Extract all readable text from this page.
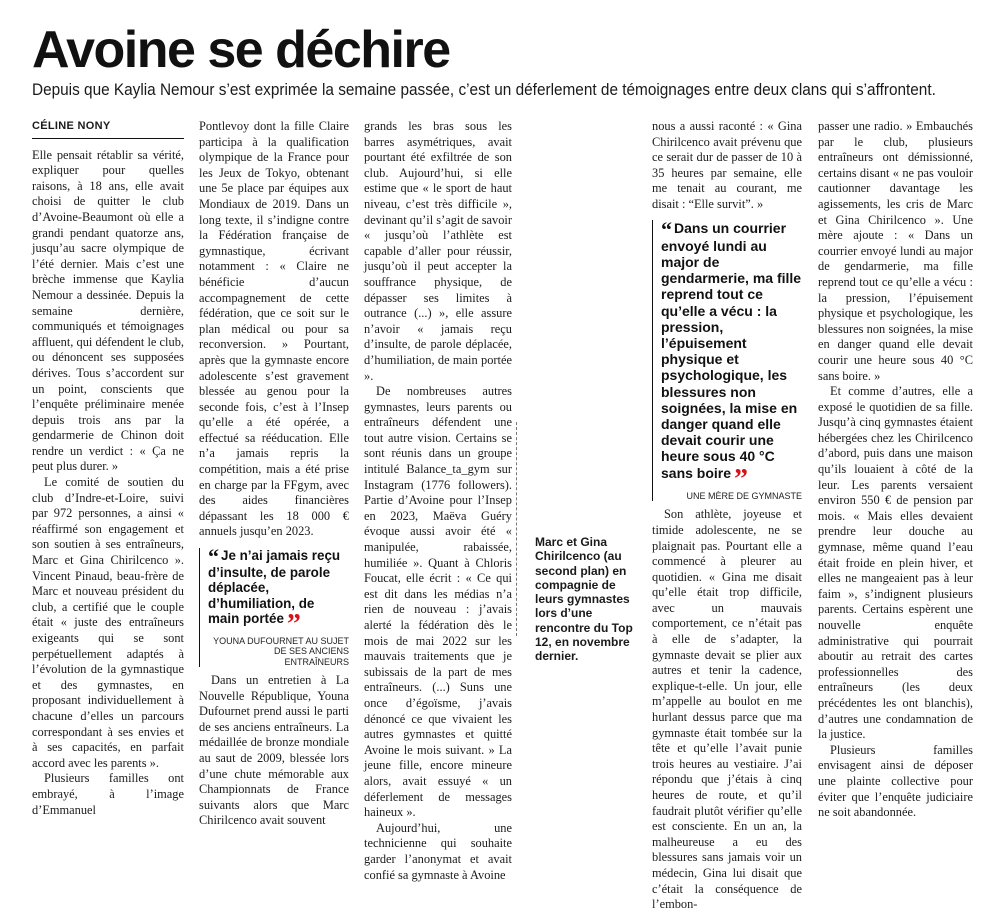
Avoine se déchire

Depuis que Kaylia Nemour s’est exprimée la semaine passée, c’est un déferlement de témoignages entre deux clans qui s’affrontent.

CÉLINE NONY

Elle pensait rétablir sa vérité, expliquer pour quelles raisons, à 18 ans, elle avait choisi de quitter le club d’Avoine-Beaumont où elle a grandi pendant quatorze ans, jusqu’au sacre olympique de l’été dernier. Mais c’est une brèche immense que Kaylia Nemour a dessinée. Depuis la semaine dernière, communiqués et témoignages affluent, qui défendent le club, ou dénoncent ses supposées dérives. Tous s’accordent sur un point, conscients que l’enquête préliminaire menée depuis trois ans par la gendarmerie de Chinon doit rendre un verdict : « Ça ne peut plus durer. »

Le comité de soutien du club d’Indre-et-Loire, suivi par 972 personnes, a ainsi « réaffirmé son engagement et son soutien à ses entraîneurs, Marc et Gina Chirilcenco ». Vincent Pinaud, beau-frère de Marc et nouveau président du club, a certifié que le couple était « juste des entraîneurs exigeants qui se sont perpétuellement adaptés à l’évolution de la gymnastique et des gymnastes, en proposant individuellement à chacune d’elles un parcours correspondant à ses envies et à ses capacités, en parfait accord avec les parents ».

Plusieurs familles ont embrayé, à l’image d’Emmanuel

Pontlevoy dont la fille Claire participa à la qualification olympique de la France pour les Jeux de Tokyo, obtenant une 5e place par équipes aux Mondiaux de 2019. Dans un long texte, il s’indigne contre la Fédération française de gymnastique, écrivant notamment : « Claire ne bénéficie d’aucun accompagnement de cette fédération, que ce soit sur le plan médical ou pour sa reconversion. » Pourtant, après que la gymnaste encore adolescente s’est gravement blessée au genou pour la seconde fois, c’est à l’Insep qu’elle a été opérée, a effectué sa rééducation. Elle n’a jamais repris la compétition, mais a été prise en charge par la FFgym, avec des aides financières dépassant les 18 000 € annuels jusqu’en 2023.

“ Je n’ai jamais reçu d’insulte, de parole déplacée, d’humiliation, de main portée ”
YOUNA DUFOURNET AU SUJET DE SES ANCIENS ENTRAÎNEURS

Dans un entretien à La Nouvelle République, Youna Dufournet prend aussi le parti de ses anciens entraîneurs. La médaillée de bronze mondiale au saut de 2009, blessée lors d’une chute mémorable aux Championnats de France suivants alors que Marc Chirilcenco avait souvent

grands les bras sous les barres asymétriques, avait pourtant été exfiltrée de son club. Aujourd’hui, si elle estime que « le sport de haut niveau, c’est très difficile », devinant qu’il s’agit de savoir « jusqu’où l’athlète est capable d’aller pour réussir, jusqu’où il peut accepter la souffrance physique, de dépasser ses limites à outrance (...) », elle assure n’avoir « jamais reçu d’insulte, de parole déplacée, d’humiliation, de main portée ».

De nombreuses autres gymnastes, leurs parents ou entraîneurs défendent une tout autre vision. Certains se sont réunis dans un groupe intitulé Balance_ta_gym sur Instagram (1776 followers). Partie d’Avoine pour l’Insep en 2023, Maëva Guéry évoque aussi avoir été « manipulée, rabaissée, humiliée ». Quant à Chloris Foucat, elle écrit : « Ce qui est dit dans les médias n’a rien de nouveau : j’avais alerté la fédération dès le mois de mai 2022 sur les mauvais traitements que je subissais de la part de mes entraîneurs. (...) Suns une once d’égoïsme, j’avais dénoncé ce que vivaient les autres gymnastes et quitté Avoine le mois suivant. » La jeune fille, encore mineure alors, avait essuyé « un déferlement de messages haineux ».

Aujourd’hui, une technicienne qui souhaite garder l’anonymat et avait confié sa gymnaste à Avoine

Marc et Gina Chirilcenco (au second plan) en compagnie de leurs gymnastes lors d’une rencontre du Top 12, en novembre dernier.

nous a aussi raconté : « Gina Chirilcenco avait prévenu que ce serait dur de passer de 10 à 35 heures par semaine, elle me tenait au courant, me disait : “Elle survit”. »

“ Dans un courrier envoyé lundi au major de gendarmerie, ma fille reprend tout ce qu’elle a vécu : la pression, l’épuisement physique et psychologique, les blessures non soignées, la mise en danger quand elle devait courir une heure sous 40 °C sans boire ”
UNE MÈRE DE GYMNASTE

Son athlète, joyeuse et timide adolescente, ne se plaignait pas. Pourtant elle a commencé à pleurer au quotidien. « Gina me disait qu’elle était trop difficile, avec un mauvais comportement, ce n’était pas à elle de s’adapter, la gymnaste devait se plier aux autres et tenir la cadence, explique-t-elle. Un jour, elle m’appelle au boulot en me hurlant dessus parce que ma gymnaste était tombée sur la tête et qu’elle l’avait punie trois heures au vestiaire. J’ai répondu que j’étais à cinq heures de route, et qu’il faudrait plutôt vérifier qu’elle est consciente. En un an, la malheureuse a eu des blessures sans jamais voir un médecin, Gina lui disait que c’était la conséquence de l’embon-

passer une radio. » Embauchés par le club, plusieurs entraîneurs ont démissionné, certains disant « ne pas vouloir cautionner davantage les agissements, les cris de Marc et Gina Chirilcenco ». Une mère ajoute : « Dans un courrier envoyé lundi au major de gendarmerie, ma fille reprend tout ce qu’elle a vécu : la pression, l’épuisement physique et psychologique, les blessures non soignées, la mise en danger quand elle devait courir une heure sous 40 °C sans boire. »

Et comme d’autres, elle a exposé le quotidien de sa fille. Jusqu’à cinq gymnastes étaient hébergées chez les Chirilcenco d’abord, puis dans une maison qu’ils louaient à côté de la leur. Les parents versaient environ 550 € de pension par mois. « Mais elles devaient prendre leur douche au gymnase, même quand l’eau était froide en plein hiver, et elles ne mangeaient pas à leur faim », s’indignent plusieurs parents. Certains espèrent une nouvelle enquête administrative qui pourrait aboutir au retrait des cartes professionnelles des entraîneurs (les deux précédentes les ont blanchis), d’autres une condamnation de la justice.

Plusieurs familles envisagent ainsi de déposer une plainte collective pour éviter que l’enquête judiciaire ne soit abandonnée.
